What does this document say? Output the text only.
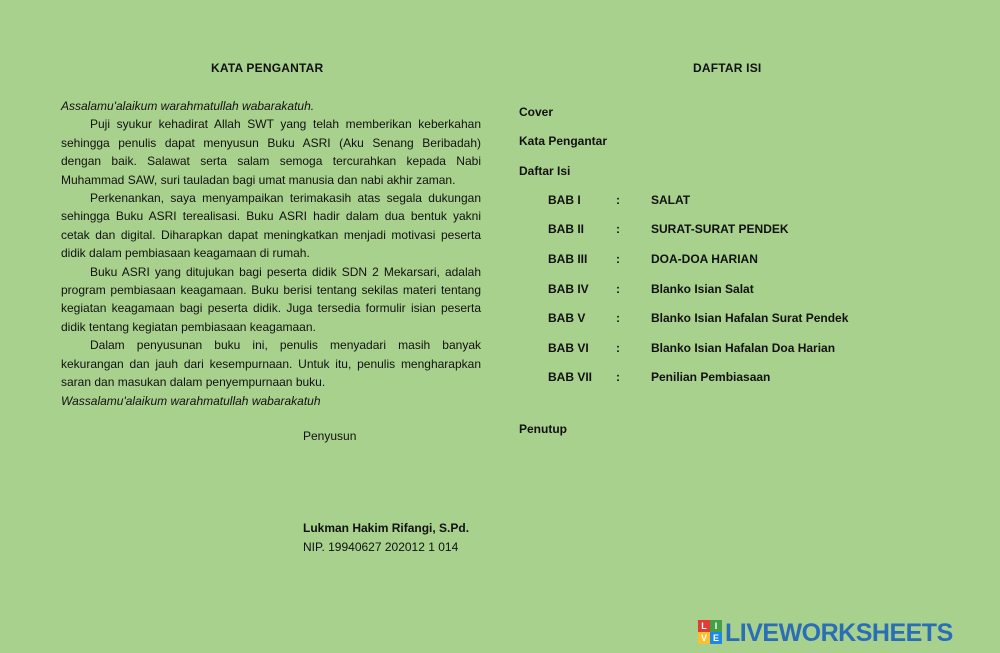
KATA PENGANTAR

Assalamu'alaikum warahmatullah wabarakatuh.

Puji syukur kehadirat Allah SWT yang telah memberikan keberkahan sehingga penulis dapat menyusun Buku ASRI (Aku Senang Beribadah) dengan baik. Salawat serta salam semoga tercurahkan kepada Nabi Muhammad SAW, suri tauladan bagi umat manusia dan nabi akhir zaman.

Perkenankan, saya menyampaikan terimakasih atas segala dukungan sehingga Buku ASRI terealisasi. Buku ASRI hadir dalam dua bentuk yakni cetak dan digital. Diharapkan dapat meningkatkan menjadi motivasi peserta didik dalam pembiasaan keagamaan di rumah.

Buku ASRI yang ditujukan bagi peserta didik SDN 2 Mekarsari, adalah program pembiasaan keagamaan. Buku berisi tentang sekilas materi tentang kegiatan keagamaan bagi peserta didik. Juga tersedia formulir isian peserta didik tentang kegiatan pembiasaan keagamaan.

Dalam penyusunan buku ini, penulis menyadari masih banyak kekurangan dan jauh dari kesempurnaan. Untuk itu, penulis mengharapkan saran dan masukan dalam penyempurnaan buku.

Wassalamu'alaikum warahmatullah wabarakatuh

Penyusun
Lukman Hakim Rifangi, S.Pd.
NIP. 19940627 202012 1 014
DAFTAR ISI
Cover
Kata Pengantar
Daftar Isi
BAB I	:	SALAT
BAB II	:	SURAT-SURAT PENDEK
BAB III :	DOA-DOA HARIAN
BAB IV :	Blanko Isian Salat
BAB V	:	Blanko Isian Hafalan Surat Pendek
BAB VI :	Blanko Isian Hafalan Doa Harian
BAB VII :	Penilian Pembiasaan
Penutup
L I
V E LIVEWORKSHEETS
